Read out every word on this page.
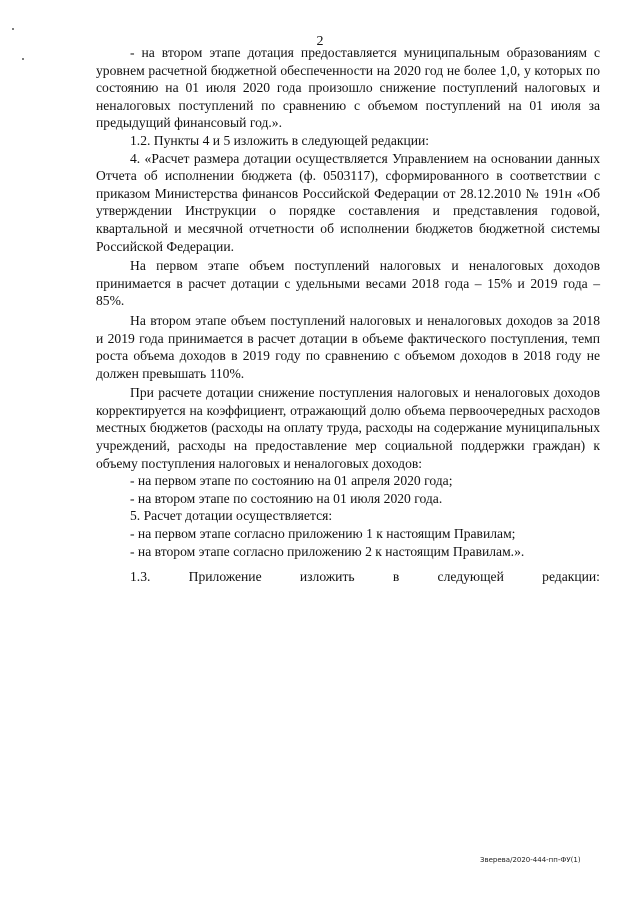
2
- на втором этапе дотация предоставляется муниципальным образованиям с уровнем расчетной бюджетной обеспеченности на 2020 год не более 1,0, у которых по состоянию на 01 июля 2020 года произошло снижение поступлений налоговых и неналоговых поступлений по сравнению с объемом поступлений на 01 июля за предыдущий финансовый год.».
1.2. Пункты 4 и 5 изложить в следующей редакции:
4. «Расчет размера дотации осуществляется Управлением на основании данных Отчета об исполнении бюджета (ф. 0503117), сформированного в соответствии с приказом Министерства финансов Российской Федерации от 28.12.2010 № 191н «Об утверждении Инструкции о порядке составления и представления годовой, квартальной и месячной отчетности об исполнении бюджетов бюджетной системы Российской Федерации.
На первом этапе объем поступлений налоговых и неналоговых доходов принимается в расчет дотации с удельными весами 2018 года – 15% и 2019 года – 85%.
На втором этапе объем поступлений налоговых и неналоговых доходов за 2018 и 2019 года принимается в расчет дотации в объеме фактического поступления, темп роста объема доходов в 2019 году по сравнению с объемом доходов в 2018 году не должен превышать 110%.
При расчете дотации снижение поступления налоговых и неналоговых доходов корректируется на коэффициент, отражающий долю объема первоочередных расходов местных бюджетов (расходы на оплату труда, расходы на содержание муниципальных учреждений, расходы на предоставление мер социальной поддержки граждан) к объему поступления налоговых и неналоговых доходов:
- на первом этапе по состоянию на 01 апреля 2020 года;
- на втором этапе по состоянию на 01 июля 2020 года.
5. Расчет дотации осуществляется:
- на первом этапе согласно приложению 1 к настоящим Правилам;
- на втором этапе согласно приложению 2 к настоящим Правилам.».
1.3.	Приложение	изложить	в	следующей	редакции:
Зверева/2020-444-пп-ФУ(1)
